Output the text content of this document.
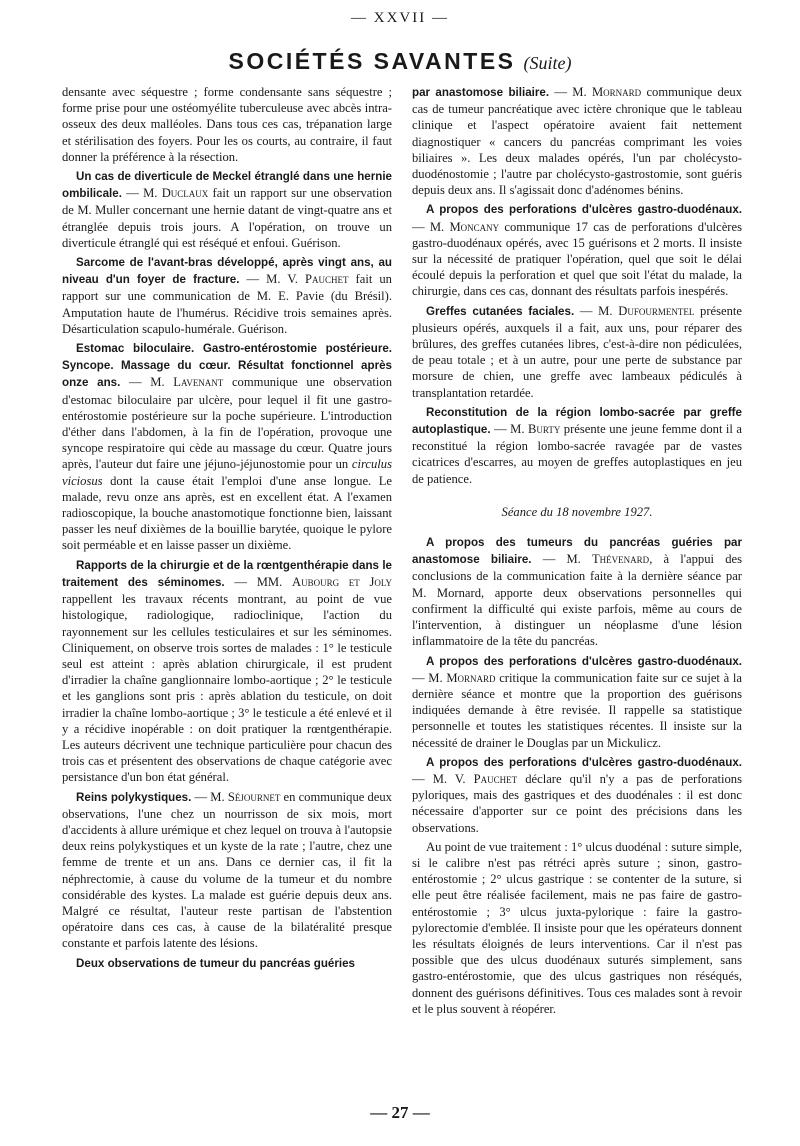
— XXVII —
SOCIÉTÉS SAVANTES (Suite)

densante avec séquestre ; forme condensante sans séquestre ; forme prise pour une ostéomyélite tuberculeuse avec abcès intra-osseux des deux malléoles. Dans tous ces cas, trépanation large et stérilisation des foyers. Pour les os courts, au contraire, il faut donner la préférence à la résection.

Un cas de diverticule de Meckel étranglé dans une hernie ombilicale. — M. Duclaux fait un rapport sur une observation de M. Muller concernant une hernie datant de vingt-quatre ans et étranglée depuis trois jours. A l'opération, on trouve un diverticule étranglé qui est réséqué et enfoui. Guérison.

Sarcome de l'avant-bras développé, après vingt ans, au niveau d'un foyer de fracture. — M. V. Pauchet fait un rapport sur une communication de M. E. Pavie (du Brésil). Amputation haute de l'humérus. Récidive trois semaines après. Désarticulation scapulo-humérale. Guérison.

Estomac biloculaire. Gastro-entérostomie postérieure. Syncope. Massage du cœur. Résultat fonctionnel après onze ans. — M. Lavenant communique une observation d'estomac biloculaire par ulcère, pour lequel il fit une gastro-entérostomie postérieure sur la poche supérieure. L'introduction d'éther dans l'abdomen, à la fin de l'opération, provoque une syncope respiratoire qui cède au massage du cœur. Quatre jours après, l'auteur dut faire une jéjuno-jéjunostomie pour un circulus viciosus dont la cause était l'emploi d'une anse longue. Le malade, revu onze ans après, est en excellent état. A l'examen radioscopique, la bouche anastomotique fonctionne bien, laissant passer les neuf dixièmes de la bouillie barytée, quoique le pylore soit perméable et en laisse passer un dixième.

Rapports de la chirurgie et de la rœntgenthérapie dans le traitement des séminomes. — MM. Aubourg et Joly rappellent les travaux récents montrant, au point de vue histologique, radiologique, radioclinique, l'action du rayonnement sur les cellules testiculaires et sur les séminomes. Cliniquement, on observe trois sortes de malades : 1° le testicule seul est atteint : après ablation chirurgicale, il est prudent d'irradier la chaîne ganglionnaire lombo-aortique ; 2° le testicule et les ganglions sont pris : après ablation du testicule, on doit irradier la chaîne lombo-aortique ; 3° le testicule a été enlevé et il y a récidive inopérable : on doit pratiquer la rœntgenthérapie. Les auteurs décrivent une technique particulière pour chacun des trois cas et présentent des observations de chaque catégorie avec persistance d'un bon état général.

Reins polykystiques. — M. Séjournet en communique deux observations, l'une chez un nourrisson de six mois, mort d'accidents à allure urémique et chez lequel on trouva à l'autopsie deux reins polykystiques et un kyste de la rate ; l'autre, chez une femme de trente et un ans. Dans ce dernier cas, il fit la néphrectomie, à cause du volume de la tumeur et du nombre considérable des kystes. La malade est guérie depuis deux ans. Malgré ce résultat, l'auteur reste partisan de l'abstention opératoire dans ces cas, à cause de la bilatéralité presque constante et parfois latente des lésions.

Deux observations de tumeur du pancréas guéries

par anastomose biliaire. — M. Mornard communique deux cas de tumeur pancréatique avec ictère chronique que le tableau clinique et l'aspect opératoire avaient fait nettement diagnostiquer « cancers du pancréas comprimant les voies biliaires ». Les deux malades opérés, l'un par cholécysto-duodénostomie ; l'autre par cholécysto-gastrostomie, sont guéris depuis deux ans. Il s'agissait donc d'adénomes bénins.

A propos des perforations d'ulcères gastro-duodénaux. — M. Moncany communique 17 cas de perforations d'ulcères gastro-duodénaux opérés, avec 15 guérisons et 2 morts. Il insiste sur la nécessité de pratiquer l'opération, quel que soit le délai écoulé depuis la perforation et quel que soit l'état du malade, la chirurgie, dans ces cas, donnant des résultats parfois inespérés.

Greffes cutanées faciales. — M. Dufourmentel présente plusieurs opérés, auxquels il a fait, aux uns, pour réparer des brûlures, des greffes cutanées libres, c'est-à-dire non pédiculées, de peau totale ; et à un autre, pour une perte de substance par morsure de chien, une greffe avec lambeaux pédiculés à transplantation retardée.

Reconstitution de la région lombo-sacrée par greffe autoplastique. — M. Burty présente une jeune femme dont il a reconstitué la région lombo-sacrée ravagée par de vastes cicatrices d'escarres, au moyen de greffes autoplastiques en jeu de patience.

Séance du 18 novembre 1927.

A propos des tumeurs du pancréas guéries par anastomose biliaire. — M. Thévenard, à l'appui des conclusions de la communication faite à la dernière séance par M. Mornard, apporte deux observations personnelles qui confirment la difficulté qui existe parfois, même au cours de l'intervention, à distinguer un néoplasme d'une lésion inflammatoire de la tête du pancréas.

A propos des perforations d'ulcères gastro-duodénaux. — M. Mornard critique la communication faite sur ce sujet à la dernière séance et montre que la proportion des guérisons indiquées demande à être revisée. Il rappelle sa statistique personnelle et toutes les statistiques récentes. Il insiste sur la nécessité de drainer le Douglas par un Mickulicz.

A propos des perforations d'ulcères gastro-duodénaux. — M. V. Pauchet déclare qu'il n'y a pas de perforations pyloriques, mais des gastriques et des duodénales : il est donc nécessaire d'apporter sur ce point des précisions dans les observations.

Au point de vue traitement : 1° ulcus duodénal : suture simple, si le calibre n'est pas rétréci après suture ; sinon, gastro-entérostomie ; 2° ulcus gastrique : se contenter de la suture, si elle peut être réalisée facilement, mais ne pas faire de gastro-entérostomie ; 3° ulcus juxta-pylorique : faire la gastro-pylorectomie d'emblée. Il insiste pour que les opérateurs donnent les résultats éloignés de leurs interventions. Car il n'est pas possible que des ulcus duodénaux suturés simplement, sans gastro-entérostomie, que des ulcus gastriques non réséqués, donnent des guérisons définitives. Tous ces malades sont à revoir et le plus souvent à réopérer.

— 27 —
